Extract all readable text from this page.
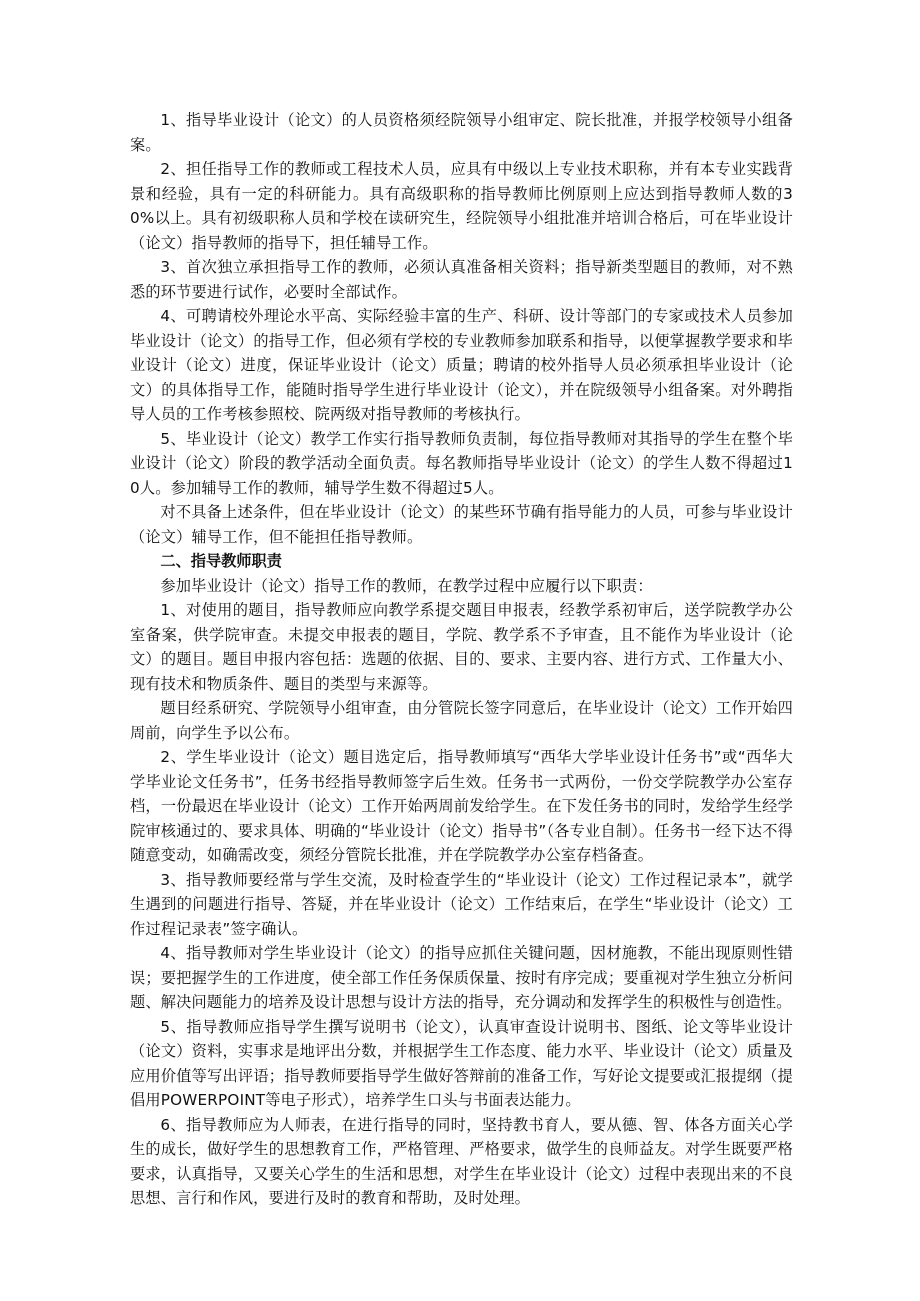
1、指导毕业设计（论文）的人员资格须经院领导小组审定、院长批准，并报学校领导小组备案。

2、担任指导工作的教师或工程技术人员，应具有中级以上专业技术职称，并有本专业实践背景和经验，具有一定的科研能力。具有高级职称的指导教师比例原则上应达到指导教师人数的30%以上。具有初级职称人员和学校在读研究生，经院领导小组批准并培训合格后，可在毕业设计（论文）指导教师的指导下，担任辅导工作。

3、首次独立承担指导工作的教师，必须认真准备相关资料；指导新类型题目的教师，对不熟悉的环节要进行试作，必要时全部试作。

4、可聘请校外理论水平高、实际经验丰富的生产、科研、设计等部门的专家或技术人员参加毕业设计（论文）的指导工作，但必须有学校的专业教师参加联系和指导，以便掌握教学要求和毕业设计（论文）进度，保证毕业设计（论文）质量；聘请的校外指导人员必须承担毕业设计（论文）的具体指导工作，能随时指导学生进行毕业设计（论文），并在院级领导小组备案。对外聘指导人员的工作考核参照校、院两级对指导教师的考核执行。

5、毕业设计（论文）教学工作实行指导教师负责制，每位指导教师对其指导的学生在整个毕业设计（论文）阶段的教学活动全面负责。每名教师指导毕业设计（论文）的学生人数不得超过10人。参加辅导工作的教师，辅导学生数不得超过5人。

对不具备上述条件，但在毕业设计（论文）的某些环节确有指导能力的人员，可参与毕业设计（论文）辅导工作，但不能担任指导教师。

二、指导教师职责

参加毕业设计（论文）指导工作的教师，在教学过程中应履行以下职责：

1、对使用的题目，指导教师应向教学系提交题目申报表，经教学系初审后，送学院教学办公室备案，供学院审查。未提交申报表的题目，学院、教学系不予审查，且不能作为毕业设计（论文）的题目。题目申报内容包括：选题的依据、目的、要求、主要内容、进行方式、工作量大小、现有技术和物质条件、题目的类型与来源等。

题目经系研究、学院领导小组审查，由分管院长签字同意后，在毕业设计（论文）工作开始四周前，向学生予以公布。

2、学生毕业设计（论文）题目选定后，指导教师填写“西华大学毕业设计任务书”或“西华大学毕业论文任务书”，任务书经指导教师签字后生效。任务书一式两份，一份交学院教学办公室存档，一份最迟在毕业设计（论文）工作开始两周前发给学生。在下发任务书的同时，发给学生经学院审核通过的、要求具体、明确的“毕业设计（论文）指导书”（各专业自制）。任务书一经下达不得随意变动，如确需改变，须经分管院长批准，并在学院教学办公室存档备查。

3、指导教师要经常与学生交流，及时检查学生的“毕业设计（论文）工作过程记录本”，就学生遇到的问题进行指导、答疑，并在毕业设计（论文）工作结束后，在学生“毕业设计（论文）工作过程记录表”签字确认。

4、指导教师对学生毕业设计（论文）的指导应抓住关键问题，因材施教，不能出现原则性错误；要把握学生的工作进度，使全部工作任务保质保量、按时有序完成；要重视对学生独立分析问题、解决问题能力的培养及设计思想与设计方法的指导，充分调动和发挥学生的积极性与创造性。

5、指导教师应指导学生撰写说明书（论文），认真审查设计说明书、图纸、论文等毕业设计（论文）资料，实事求是地评出分数，并根据学生工作态度、能力水平、毕业设计（论文）质量及应用价值等写出评语；指导教师要指导学生做好答辩前的准备工作，写好论文提要或汇报提纲（提倡用POWERPOINT等电子形式），培养学生口头与书面表达能力。

6、指导教师应为人师表，在进行指导的同时，坚持教书育人，要从德、智、体各方面关心学生的成长，做好学生的思想教育工作，严格管理、严格要求，做学生的良师益友。对学生既要严格要求，认真指导，又要关心学生的生活和思想，对学生在毕业设计（论文）过程中表现出来的不良思想、言行和作风，要进行及时的教育和帮助，及时处理。
